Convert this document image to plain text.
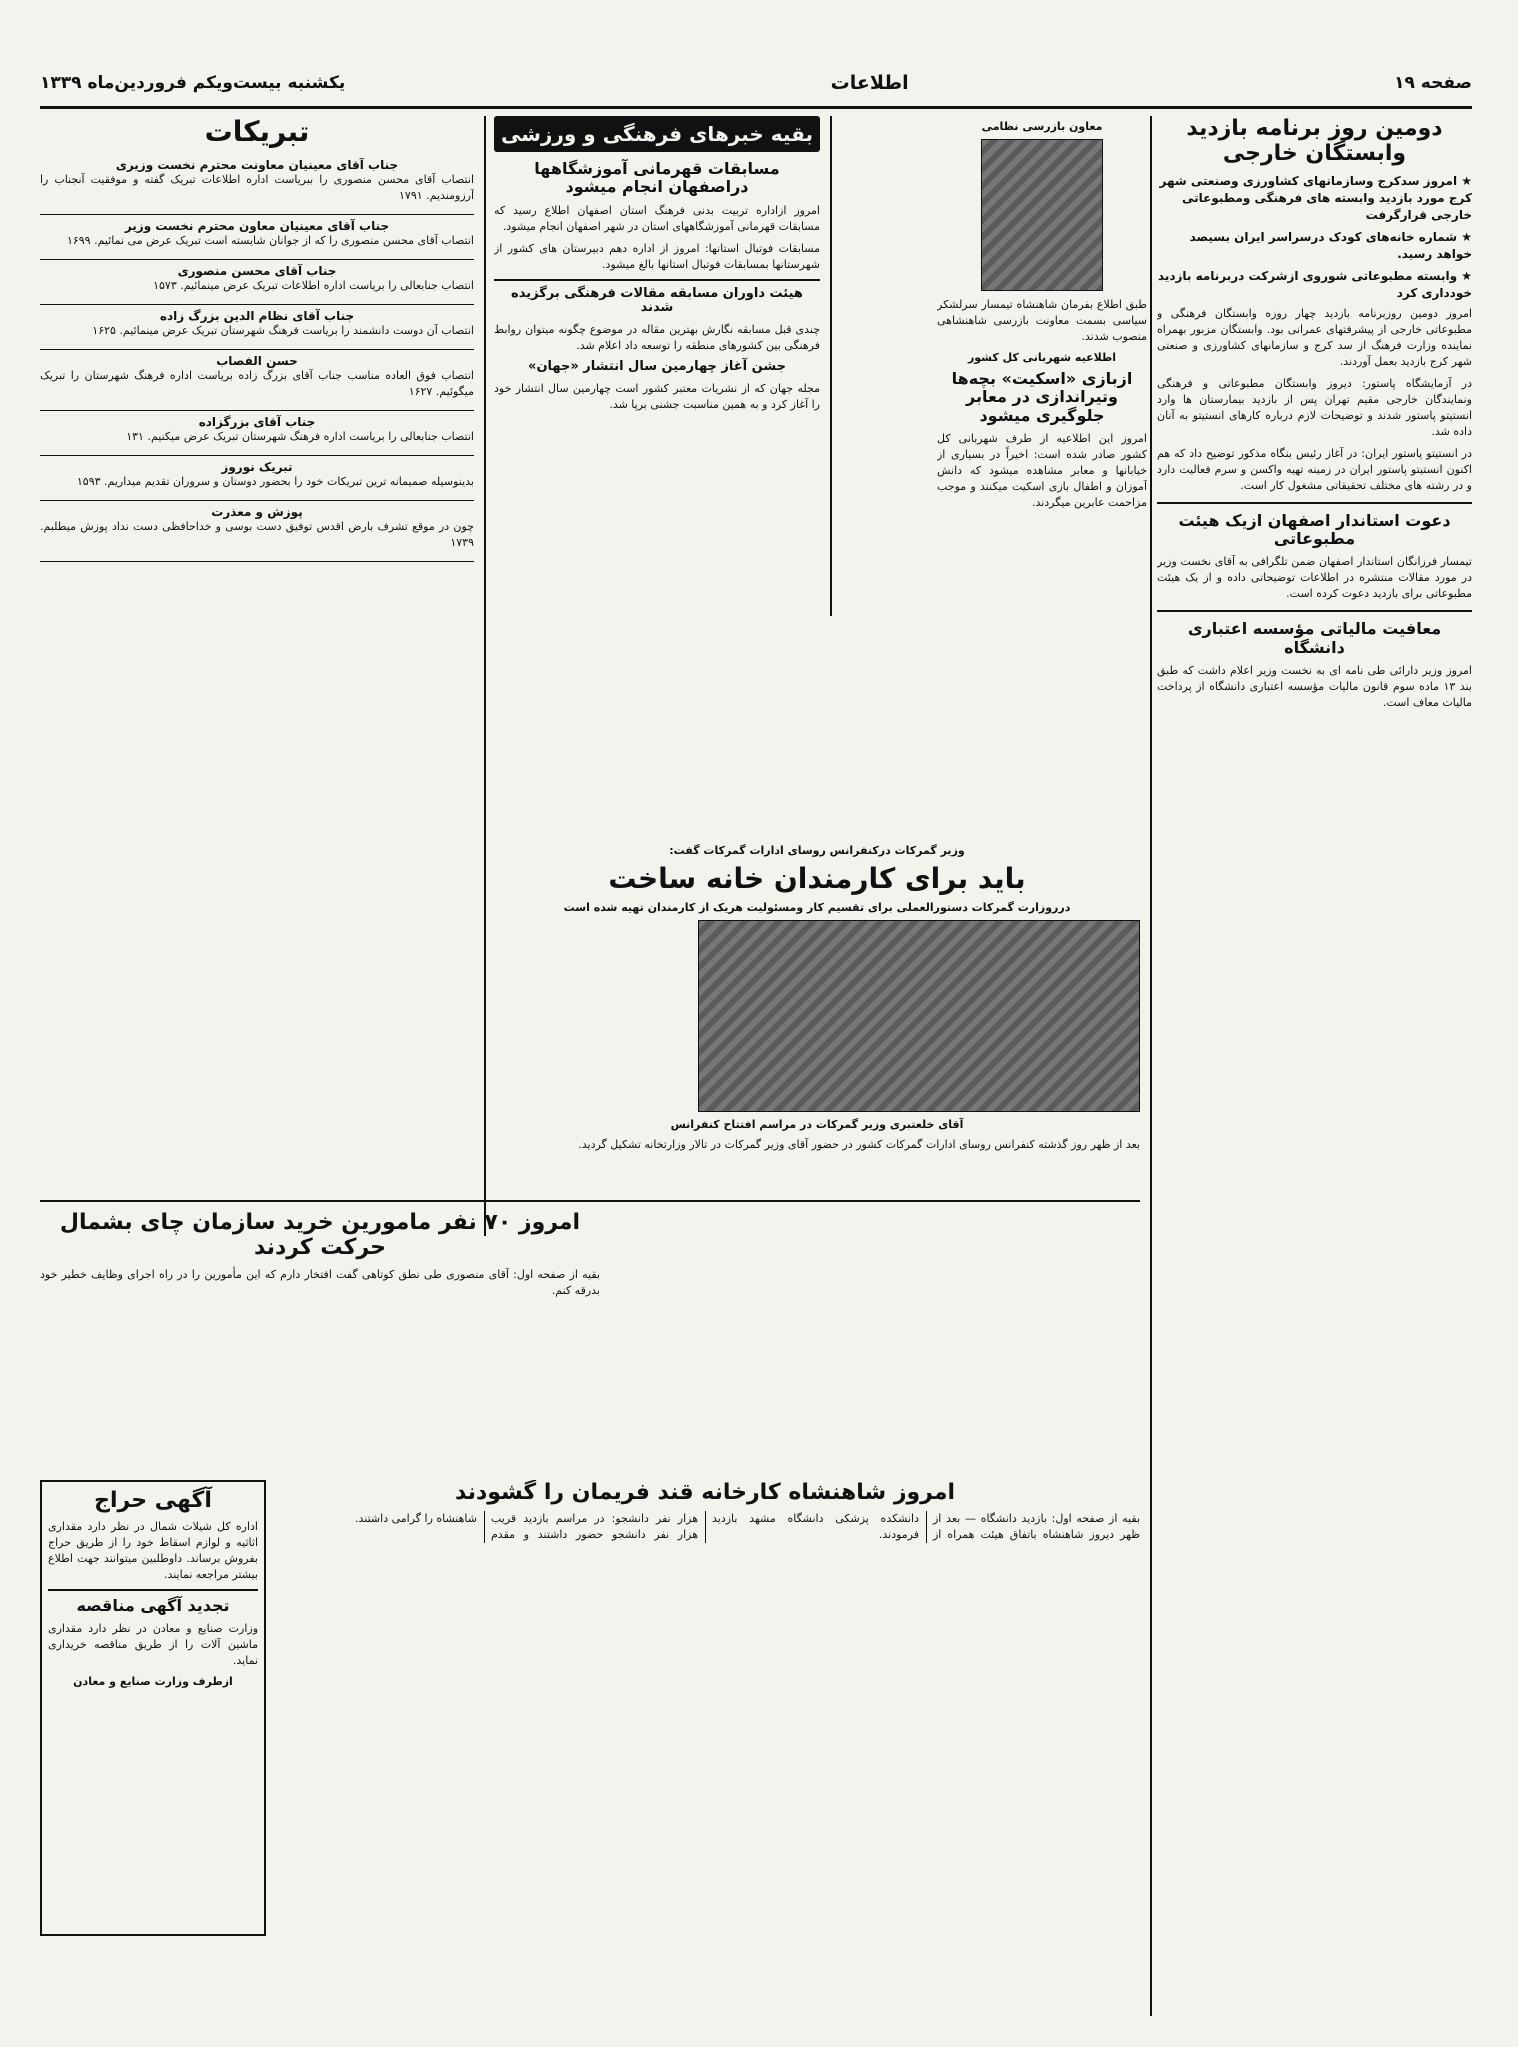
صفحه ۱۹
اطلاعات
یکشنبه بیست‌ویکم فروردین‌ماه ۱۳۳۹
دومین روز برنامه بازدید وابستگان خارجی

★ امروز سدکرج وسازمانهای کشاورزی وصنعتی شهر کرج مورد بازدید وابسته های فرهنگی ومطبوعاتی خارجی قرارگرفت

★ شماره خانه‌های کودک درسراسر ایران بسیصد خواهد رسید.

★ وابسته مطبوعاتی شوروی ازشرکت دربرنامه بازدید خودداری کرد

امروز دومین روزبرنامه بازدید چهار روزه وابستگان فرهنگی و مطبوعاتی خارجی از پیشرفتهای عمرانی بود. وابستگان مزبور بهمراه نماینده وزارت فرهنگ از سد کرج و سازمانهای کشاورزی و صنعتی شهر کرج بازدید بعمل آوردند.

در آزمایشگاه پاستور: دیروز وابستگان مطبوعاتی و فرهنگی ونمایندگان خارجی مقیم تهران پس از بازدید بیمارستان ها وارد انستیتو پاستور شدند و توضیحات لازم درباره کارهای انستیتو به آنان داده شد.

در انستیتو پاستور ایران: در آغاز رئیس بنگاه مذکور توضیح داد که هم اکنون انستیتو پاستور ایران در زمینه تهیه واکسن و سرم فعالیت دارد و در رشته های مختلف تحقیقاتی مشغول کار است.

دعوت استاندار اصفهان ازیک هیئت مطبوعاتی

تیمسار فرزانگان استاندار اصفهان ضمن تلگرافی به آقای نخست وزیر در مورد مقالات منتشره در اطلاعات توضیحاتی داده و از یک هیئت مطبوعاتی برای بازدید دعوت کرده است.

معافیت مالیاتی مؤسسه اعتباری دانشگاه

امروز وزیر دارائی طی نامه ای به نخست وزیر اعلام داشت که طبق بند ۱۳ ماده سوم قانون مالیات مؤسسه اعتباری دانشگاه از پرداخت مالیات معاف است.

معاون بازرسی نظامی

طبق اطلاع بفرمان شاهنشاه تیمسار سرلشکر سیاسی بسمت معاونت بازرسی شاهنشاهی منصوب شدند.

اطلاعیه شهربانی کل کشور
ازبازی «اسکیت» بچه‌ها وتیراندازی در معابر جلوگیری میشود

امروز این اطلاعیه از طرف شهربانی کل کشور صادر شده است: اخیراً در بسیاری از خیابانها و معابر مشاهده میشود که دانش آموزان و اطفال بازی اسکیت میکنند و موجب مزاحمت عابرین میگردند.

بقیه خبرهای فرهنگی و ورزشی
مسابقات قهرمانی آموزشگاهها دراصفهان انجام میشود

امروز ازاداره تربیت بدنی فرهنگ استان اصفهان اطلاع رسید که مسابقات قهرمانی آموزشگاههای استان در شهر اصفهان انجام میشود.

مسابقات فوتبال استانها: امروز از اداره دهم دبیرستان های کشور از شهرستانها بمسابقات فوتبال استانها بالغ میشود.

هیئت داوران مسابقه مقالات فرهنگی برگزیده شدند

چندی قبل مسابقه نگارش بهترین مقاله در موضوع چگونه میتوان روابط فرهنگی بین کشورهای منطقه را توسعه داد اعلام شد.

جشن آغاز چهارمین سال انتشار «جهان»

مجله جهان که از نشریات معتبر کشور است چهارمین سال انتشار خود را آغاز کرد و به همین مناسبت جشنی برپا شد.

وزیر گمرکات درکنفرانس روسای ادارات گمرکات گفت:
باید برای کارمندان خانه ساخت
درروزارت گمرکات دستورالعملی برای تقسیم کار ومسئولیت هریک از کارمندان تهیه شده است
آقای خلعتبری وزیر گمرکات در مراسم افتتاح کنفرانس

بعد از ظهر روز گذشته کنفرانس روسای ادارات گمرکات کشور در حضور آقای وزیر گمرکات در تالار وزارتخانه تشکیل گردید.

تبریکات
جناب آقای معینیان معاونت محترم نخست وزیری

انتصاب آقای محسن منصوری را ببریاست اداره اطلاعات تبریک گفته و موفقیت آنجناب را آرزومندیم. ۱۷۹۱

جناب آقای معینیان معاون محترم نخست وزیر

انتصاب آقای محسن منصوری را که از جوانان شایسته است تبریک عرض می نمائیم. ۱۶۹۹

جناب آقای محسن منصوری

انتصاب جنابعالی را بریاست اداره اطلاعات تبریک عرض مینمائیم. ۱۵۷۳

جناب آقای نظام الدین بزرگ زاده

انتصاب آن دوست دانشمند را بریاست فرهنگ شهرستان تبریک عرض مینمائیم. ۱۶۲۵

حسن الفصاب

انتصاب فوق العاده مناسب جناب آقای بزرگ زاده بریاست اداره فرهنگ شهرستان را تبریک میگوئیم. ۱۶۲۷

جناب آقای بزرگزاده

انتصاب جنابعالی را بریاست اداره فرهنگ شهرستان تبریک عرض میکنیم. ۱۳۱

تبریک نوروز

بدینوسیله صمیمانه ترین تبریکات خود را بحضور دوستان و سروران تقدیم میداریم. ۱۵۹۳

پوزش و معذرت

چون در موقع تشرف بارض اقدس توفیق دست بوسی و خداحافظی دست نداد پوزش میطلبم. ۱۷۳۹

امروز ۷۰ نفر مامورین خرید سازمان چای بشمال حرکت کردند

بقیه از صفحه اول: آقای منصوری طی نطق کوتاهی گفت افتخار دارم که این مأمورین را در راه اجرای وظایف خطیر خود بدرقه کنم.

آگهی حراج

اداره کل شیلات شمال در نظر دارد مقداری اثاثیه و لوازم اسقاط خود را از طریق حراج بفروش برساند. داوطلبین میتوانند جهت اطلاع بیشتر مراجعه نمایند.

تجدید آگهی مناقصه

وزارت صنایع و معادن در نظر دارد مقداری ماشین آلات را از طریق مناقصه خریداری نماید.

ازطرف وزارت صنایع و معادن
امروز شاهنشاه کارخانه قند فریمان را گشودند

بقیه از صفحه اول: بازدید دانشگاه — بعد از ظهر دیروز شاهنشاه باتفاق هیئت همراه از دانشکده پزشکی دانشگاه مشهد بازدید فرمودند.

هزار نفر دانشجو: در مراسم بازدید قریب هزار نفر دانشجو حضور داشتند و مقدم شاهنشاه را گرامی داشتند.
